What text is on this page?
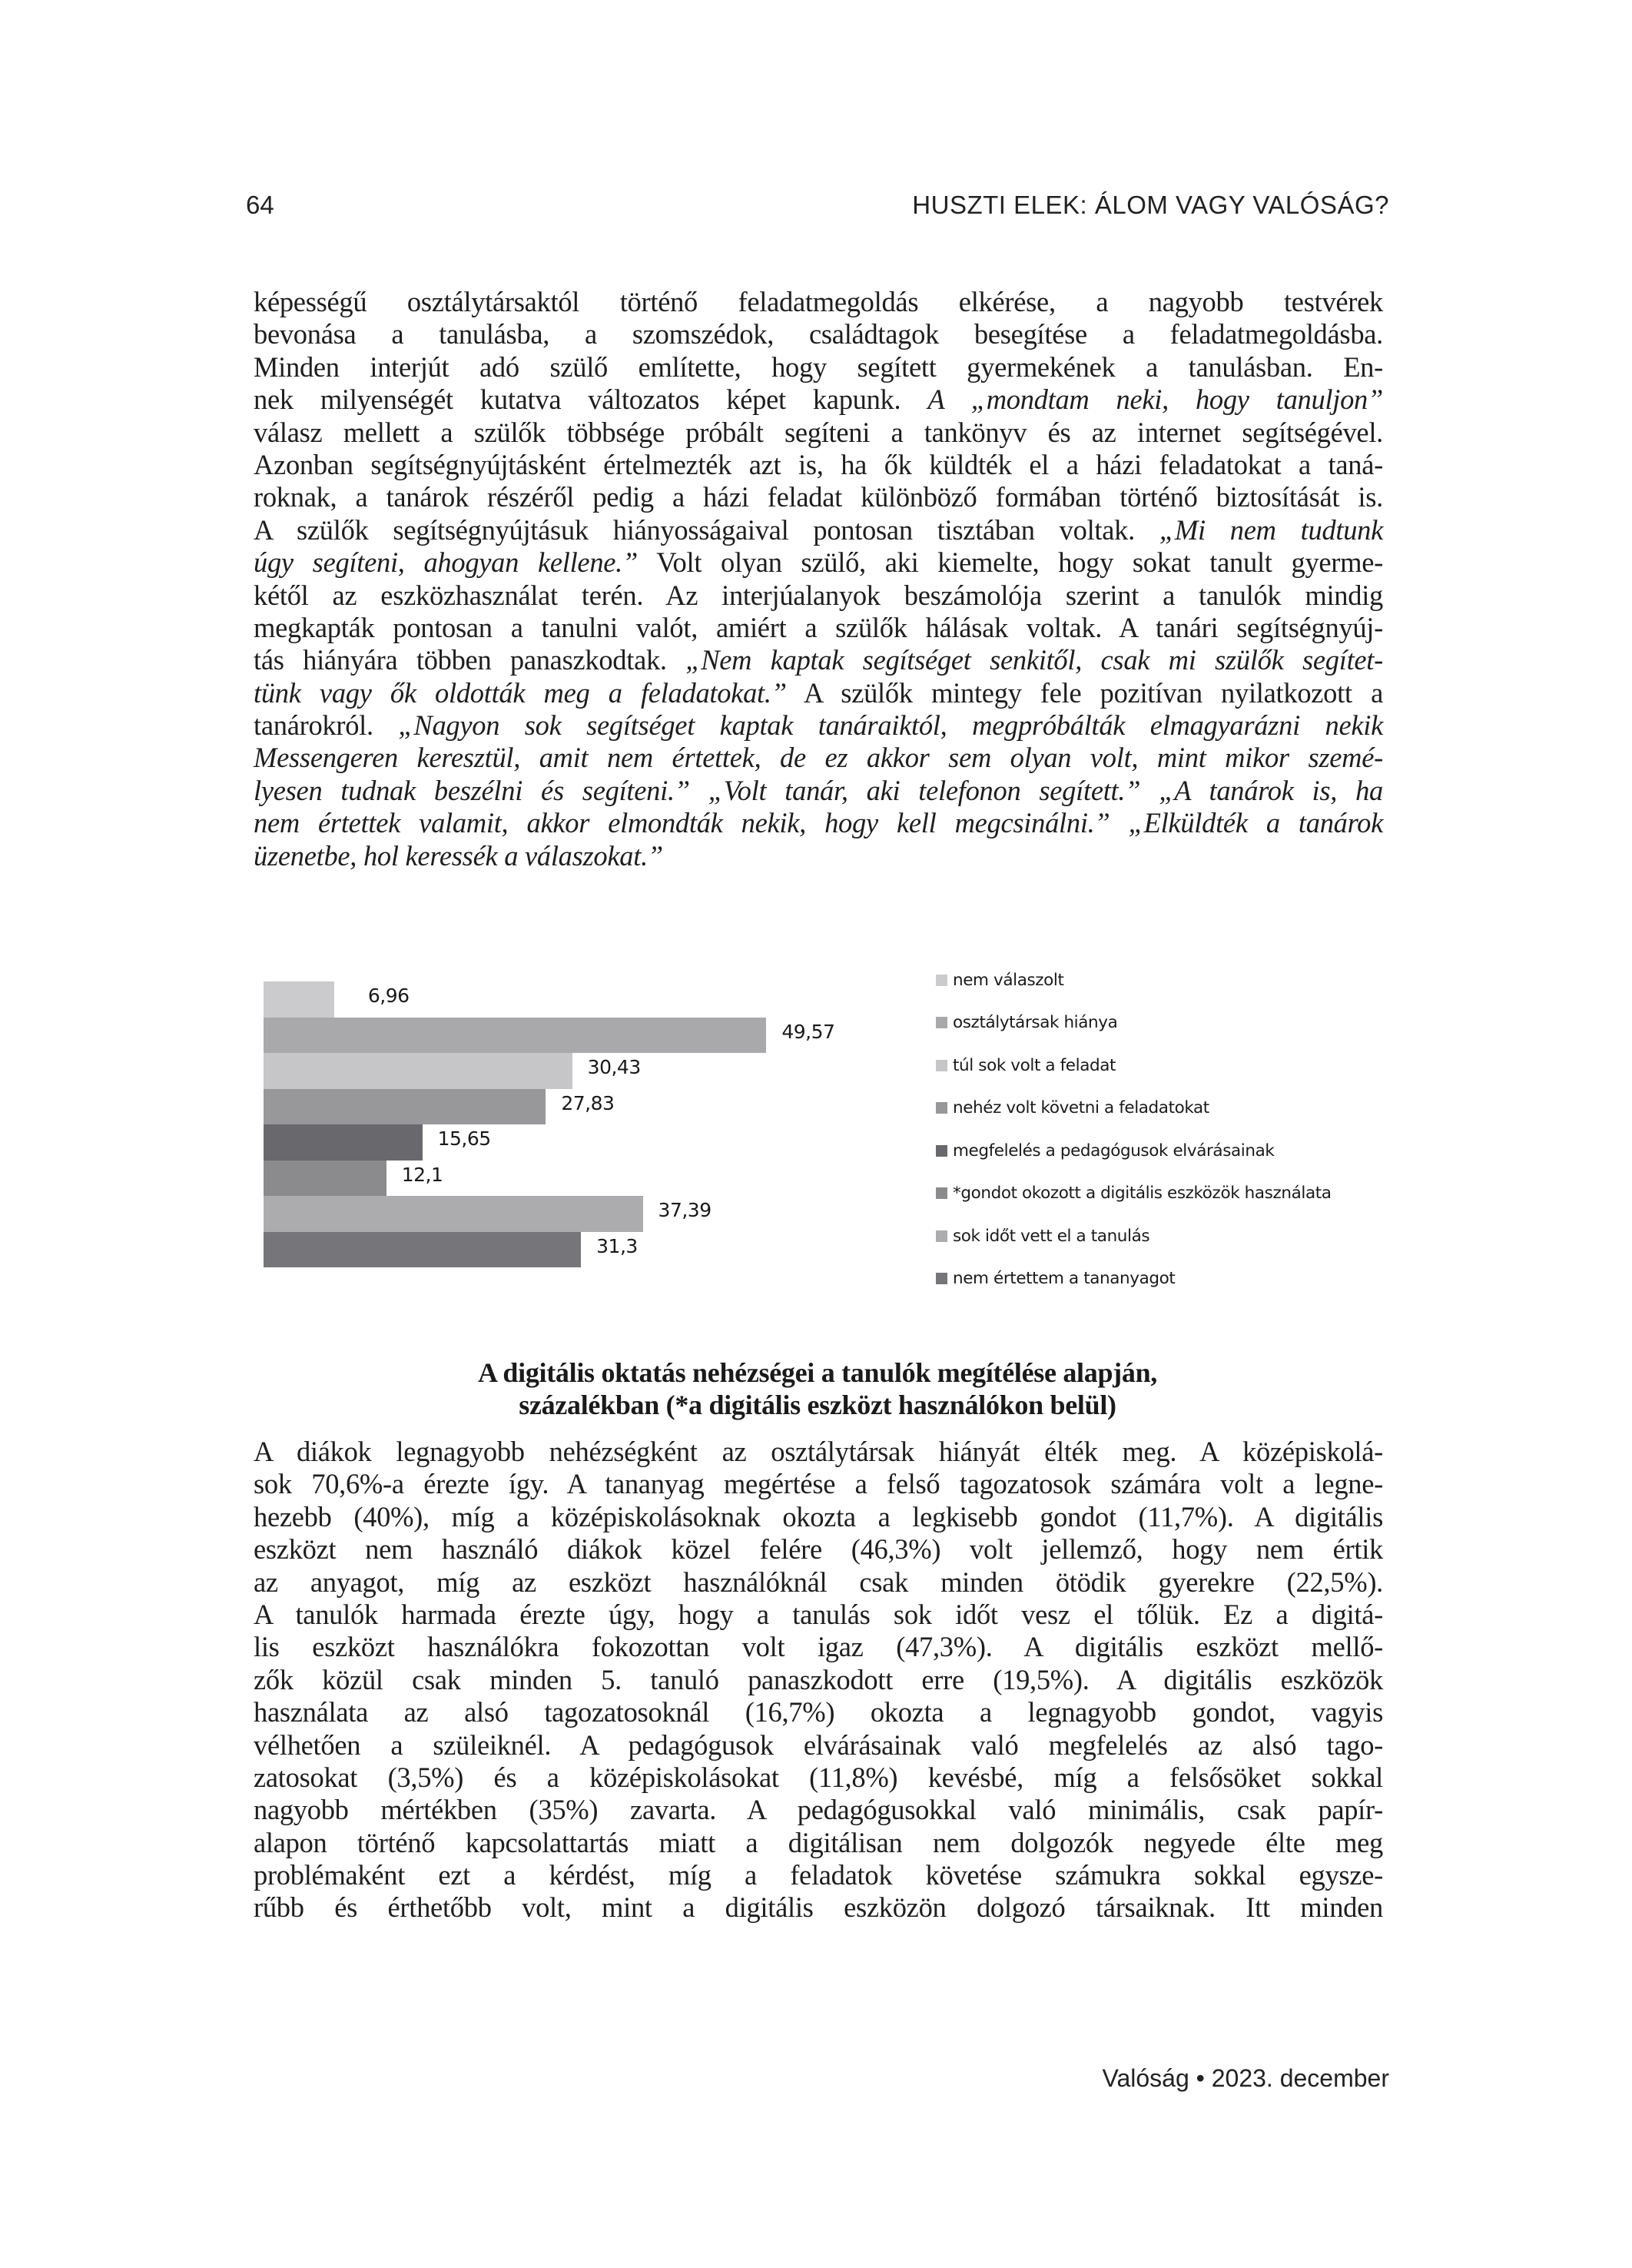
64	HUSZTI ELEK: ÁLOM VAGY VALÓSÁG?
képességű osztálytársaktól történő feladatmegoldás elkérése, a nagyobb testvérek
bevonása a tanulásba, a szomszédok, családtagok besegítése a feladatmegoldásba.
Minden interjút adó szülő említette, hogy segített gyermekének a tanulásban. En-
nek milyenségét kutatva változatos képet kapunk. A „mondtam neki, hogy tanuljon”
válasz mellett a szülők többsége próbált segíteni a tankönyv és az internet segítségével.
Azonban segítségnyújtásként értelmezték azt is, ha ők küldték el a házi feladatokat a taná-
roknak, a tanárok részéről pedig a házi feladat különböző formában történő biztosítását is.
A szülők segítségnyújtásuk hiányosságaival pontosan tisztában voltak. „Mi nem tudtunk
úgy segíteni, ahogyan kellene.” Volt olyan szülő, aki kiemelte, hogy sokat tanult gyerme-
kétől az eszközhasználat terén. Az interjúalanyok beszámolója szerint a tanulók mindig
megkapták pontosan a tanulni valót, amiért a szülők hálásak voltak. A tanári segítségnyúj-
tás hiányára többen panaszkodtak. „Nem kaptak segítséget senkitől, csak mi szülők segítet-
tünk vagy ők oldották meg a feladatokat.” A szülők mintegy fele pozitívan nyilatkozott a
tanárokról. „Nagyon sok segítséget kaptak tanáraiktól, megpróbálták elmagyarázni nekik
Messengeren keresztül, amit nem értettek, de ez akkor sem olyan volt, mint mikor szemé-
lyesen tudnak beszélni és segíteni.” „Volt tanár, aki telefonon segített.” „A tanárok is, ha
nem értettek valamit, akkor elmondták nekik, hogy kell megcsinálni.” „Elküldték a tanárok
üzenetbe, hol keressék a válaszokat.”
6,96
49,57
30,43
27,83
15,65
12,1
37,39
31,3
nem válaszolt
osztálytársak hiánya
túl sok volt a feladat
nehéz volt követni a feladatokat
megfelelés a pedagógusok elvárásainak
*gondot okozott a digitális eszközök használata
sok időt vett el a tanulás
nem értettem a tananyagot
A digitális oktatás nehézségei a tanulók megítélése alapján,
százalékban (*a digitális eszközt használókon belül)
A diákok legnagyobb nehézségként az osztálytársak hiányát élték meg. A középiskolá-
sok 70,6%-a érezte így. A tananyag megértése a felső tagozatosok számára volt a legne-
hezebb (40%), míg a középiskolásoknak okozta a legkisebb gondot (11,7%). A digitális
eszközt nem használó diákok közel felére (46,3%) volt jellemző, hogy nem értik
az anyagot, míg az eszközt használóknál csak minden ötödik gyerekre (22,5%).
A tanulók harmada érezte úgy, hogy a tanulás sok időt vesz el tőlük. Ez a digitá-
lis eszközt használókra fokozottan volt igaz (47,3%). A digitális eszközt mellő-
zők közül csak minden 5. tanuló panaszkodott erre (19,5%). A digitális eszközök
használata az alsó tagozatosoknál (16,7%) okozta a legnagyobb gondot, vagyis
vélhetően a szüleiknél. A pedagógusok elvárásainak való megfelelés az alsó tago-
zatosokat (3,5%) és a középiskolásokat (11,8%) kevésbé, míg a felsősöket sokkal
nagyobb mértékben (35%) zavarta. A pedagógusokkal való minimális, csak papír-
alapon történő kapcsolattartás miatt a digitálisan nem dolgozók negyede élte meg
problémaként ezt a kérdést, míg a feladatok követése számukra sokkal egysze-
rűbb és érthetőbb volt, mint a digitális eszközön dolgozó társaiknak. Itt minden
Valóság • 2023. december
